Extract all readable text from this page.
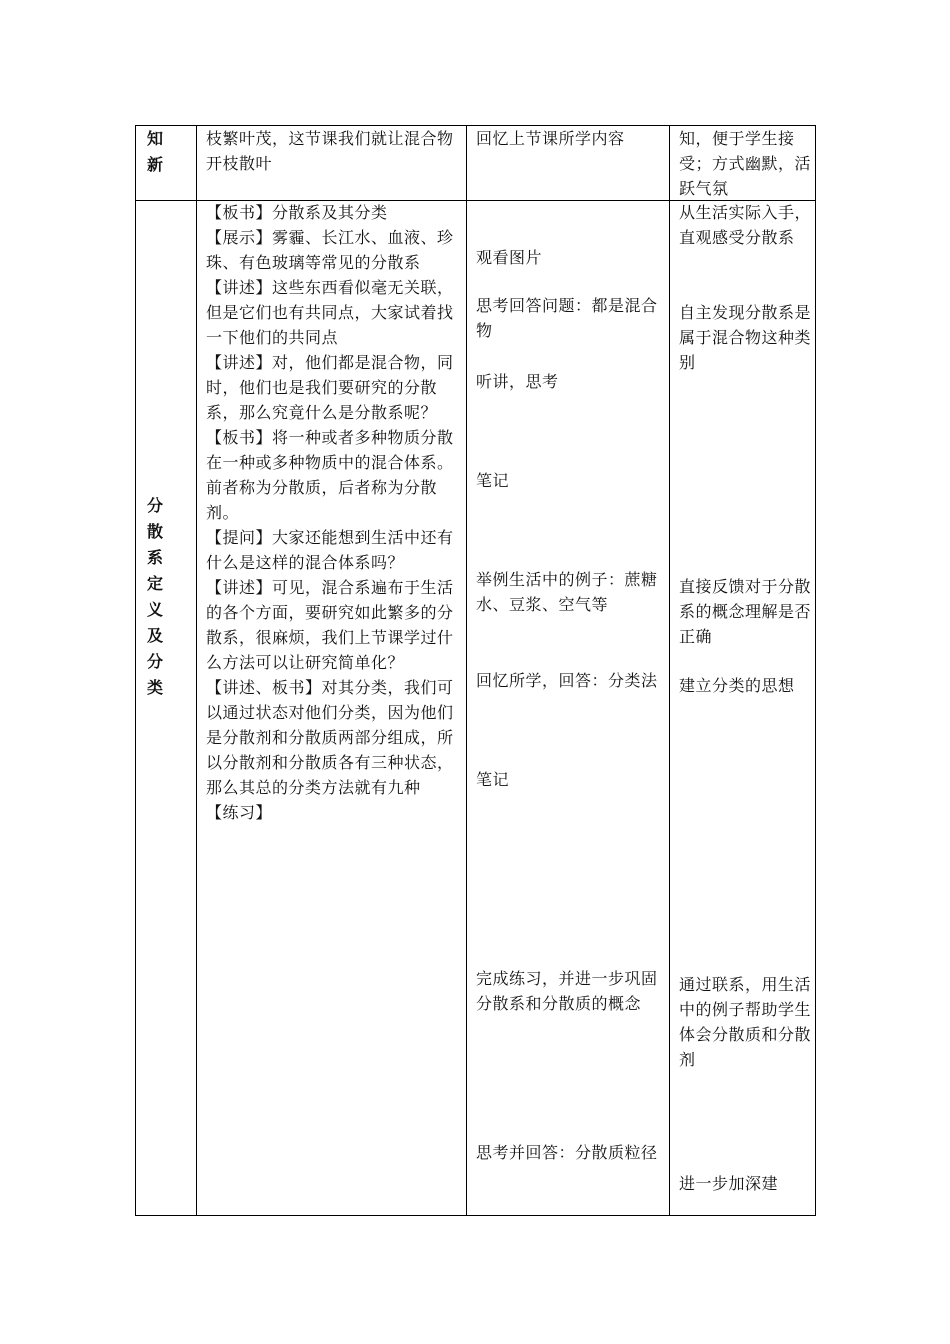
知
新

枝繁叶茂，这节课我们就让混合物开枝散叶

回忆上节课所学内容	知，便于学生接受；方式幽默，活跃气氛

分
散
系
定
义
及
分
类

【板书】分散系及其分类

【展示】雾霾、长江水、血液、珍珠、有色玻璃等常见的分散系

【讲述】这些东西看似毫无关联，但是它们也有共同点，大家试着找一下他们的共同点

【讲述】对，他们都是混合物，同时，他们也是我们要研究的分散系，那么究竟什么是分散系呢？

【板书】将一种或者多种物质分散在一种或多种物质中的混合体系。前者称为分散质，后者称为分散剂。

【提问】大家还能想到生活中还有什么是这样的混合体系吗？

【讲述】可见，混合系遍布于生活的各个方面，要研究如此繁多的分散系，很麻烦，我们上节课学过什么方法可以让研究简单化？

【讲述、板书】对其分类，我们可以通过状态对他们分类，因为他们是分散剂和分散质两部分组成，所以分散剂和分散质各有三种状态，那么其总的分类方法就有九种

【练习】

观看图片
思考回答问题：都是混合物
听讲，思考
笔记
举例生活中的例子：蔗糖水、豆浆、空气等
回忆所学，回答：分类法
笔记
完成练习，并进一步巩固分散系和分散质的概念
思考并回答：分散质粒径
从生活实际入手，直观感受分散系
自主发现分散系是属于混合物这种类别
直接反馈对于分散系的概念理解是否正确
建立分类的思想
通过联系，用生活中的例子帮助学生体会分散质和分散剂
进一步加深建
